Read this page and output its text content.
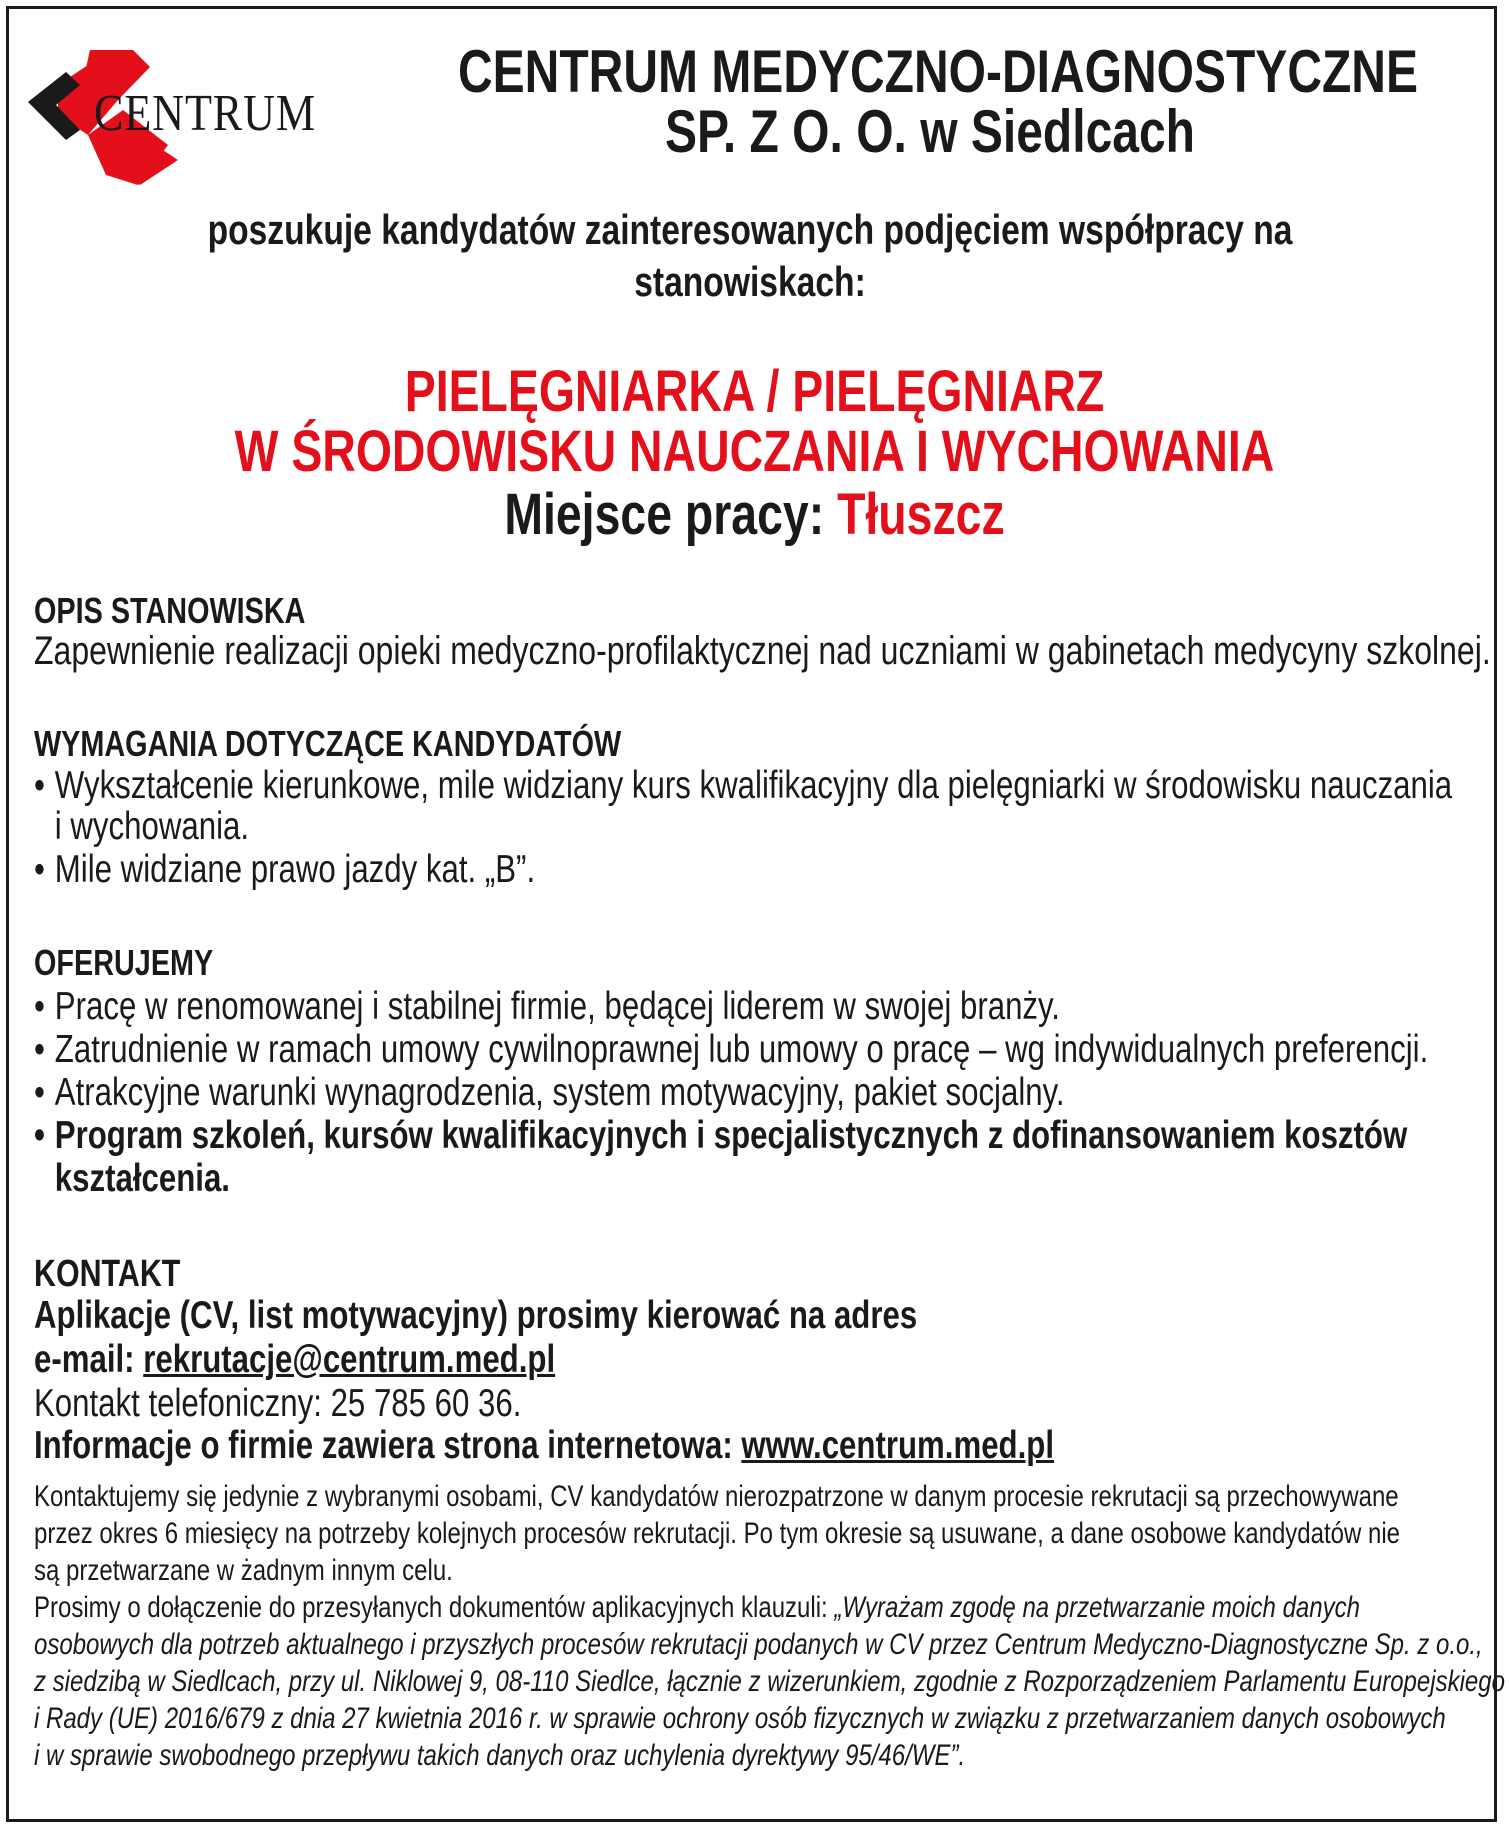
CENTRUM
CENTRUM MEDYCZNO-DIAGNOSTYCZNE
SP. Z O. O. w Siedlcach
poszukuje kandydatów zainteresowanych podjęciem współpracy na
stanowiskach:
PIELĘGNIARKA / PIELĘGNIARZ
W ŚRODOWISKU NAUCZANIA I WYCHOWANIA
Miejsce pracy: Tłuszcz
OPIS STANOWISKA
Zapewnienie realizacji opieki medyczno-profilaktycznej nad uczniami w gabinetach medycyny szkolnej.
WYMAGANIA DOTYCZĄCE KANDYDATÓW
• Wykształcenie kierunkowe, mile widziany kurs kwalifikacyjny dla pielęgniarki w środowisku nauczania
i wychowania.
• Mile widziane prawo jazdy kat. „B”.
OFERUJEMY
• Pracę w renomowanej i stabilnej firmie, będącej liderem w swojej branży.
• Zatrudnienie w ramach umowy cywilnoprawnej lub umowy o pracę – wg indywidualnych preferencji.
• Atrakcyjne warunki wynagrodzenia, system motywacyjny, pakiet socjalny.
• Program szkoleń, kursów kwalifikacyjnych i specjalistycznych z dofinansowaniem kosztów
kształcenia.
KONTAKT
Aplikacje (CV, list motywacyjny) prosimy kierować na adres
e-mail: rekrutacje@centrum.med.pl
Kontakt telefoniczny: 25 785 60 36.
Informacje o firmie zawiera strona internetowa: www.centrum.med.pl
Kontaktujemy się jedynie z wybranymi osobami, CV kandydatów nierozpatrzone w danym procesie rekrutacji są przechowywane
przez okres 6 miesięcy na potrzeby kolejnych procesów rekrutacji. Po tym okresie są usuwane, a dane osobowe kandydatów nie
są przetwarzane w żadnym innym celu.
Prosimy o dołączenie do przesyłanych dokumentów aplikacyjnych klauzuli: „Wyrażam zgodę na przetwarzanie moich danych
osobowych dla potrzeb aktualnego i przyszłych procesów rekrutacji podanych w CV przez Centrum Medyczno-Diagnostyczne Sp. z o.o.,
z siedzibą w Siedlcach, przy ul. Niklowej 9, 08-110 Siedlce, łącznie z wizerunkiem, zgodnie z Rozporządzeniem Parlamentu Europejskiego
i Rady (UE) 2016/679 z dnia 27 kwietnia 2016 r. w sprawie ochrony osób fizycznych w związku z przetwarzaniem danych osobowych
i w sprawie swobodnego przepływu takich danych oraz uchylenia dyrektywy 95/46/WE”.
